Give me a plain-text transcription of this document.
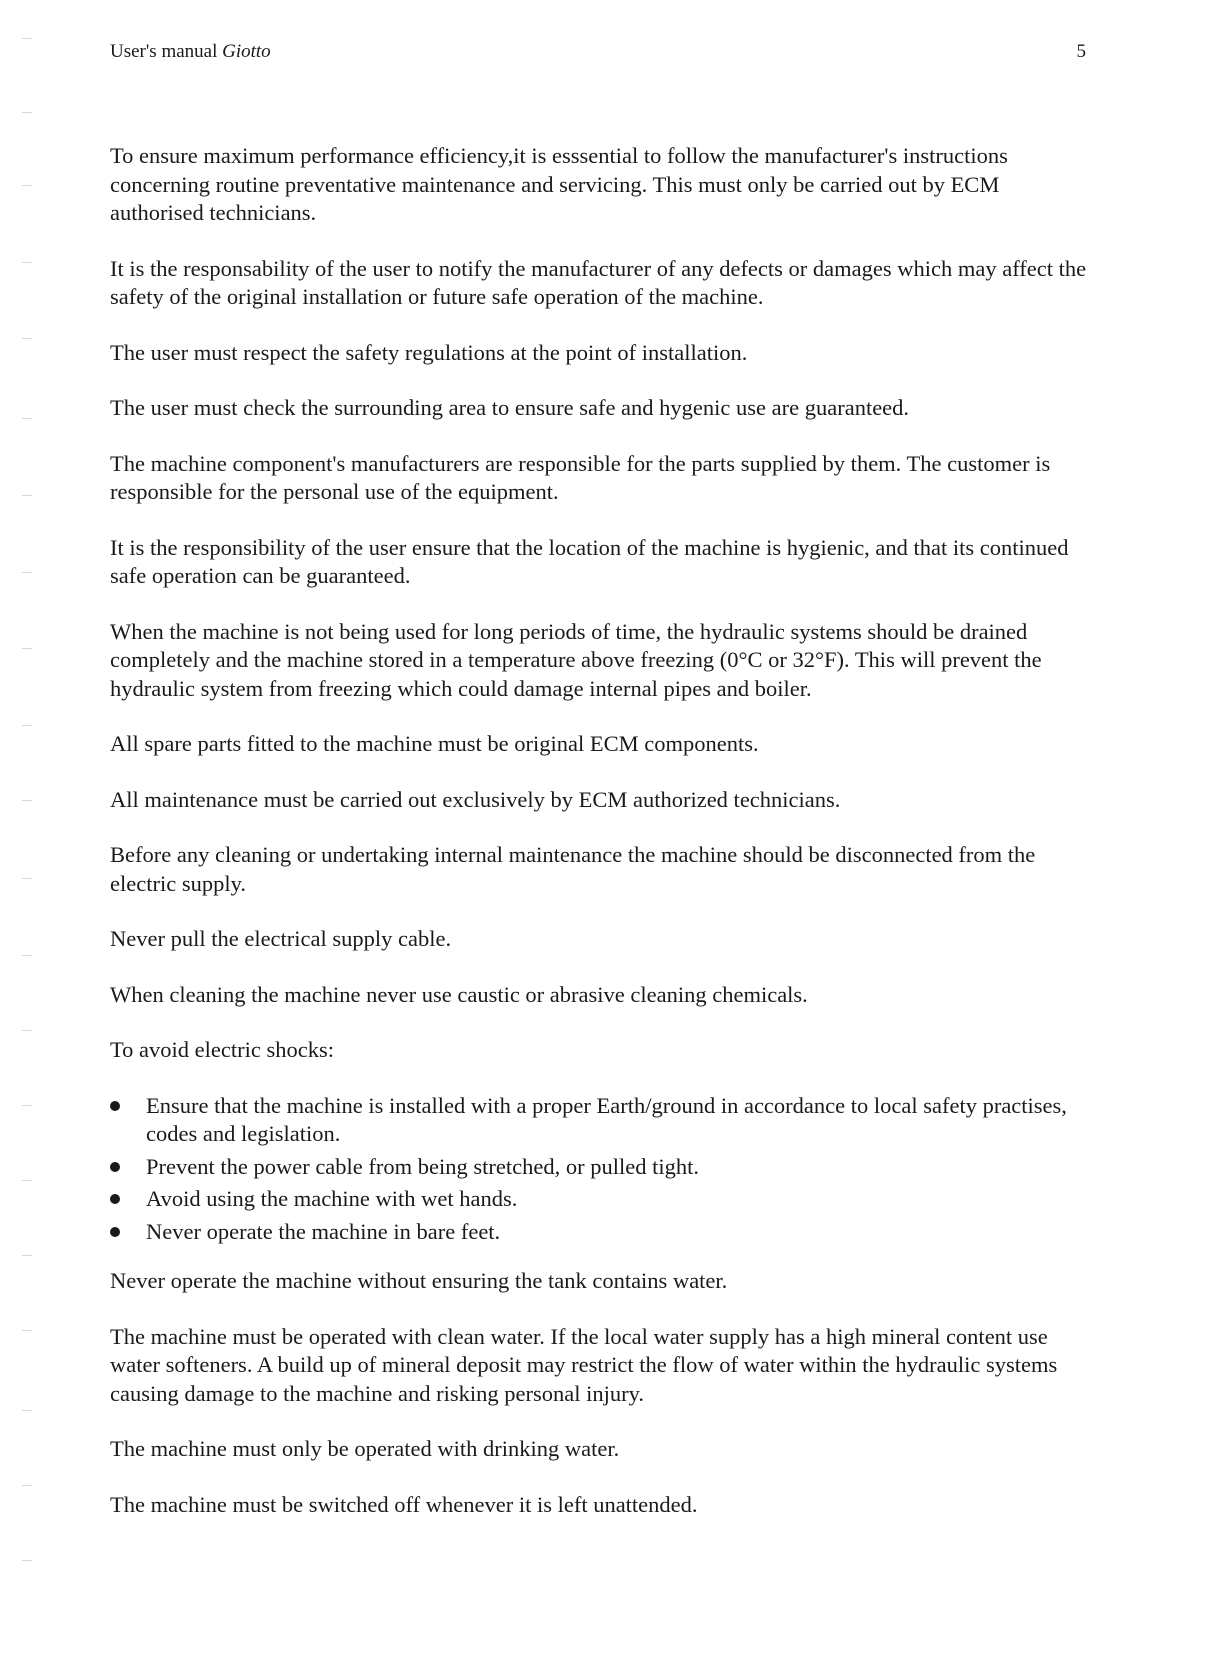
User's manual Giotto	5

To ensure maximum performance efficiency,it is esssential to follow the manufacturer's instructions concerning routine preventative maintenance and servicing. This must only be carried out by ECM authorised technicians.

It is the responsability of the user to notify the manufacturer of any defects or damages which may affect the safety of the original installation or future safe operation of the machine.

The user must respect the safety regulations at the point of installation.

The user must check the surrounding area to ensure safe and hygenic use are guaranteed.

The machine component's manufacturers are responsible for the parts supplied by them. The customer is responsible for the personal use of the equipment.

It is the responsibility of the user ensure that the location of the machine is hygienic, and that its continued safe operation can be guaranteed.

When the machine is not being used for long periods of time, the hydraulic systems should be drained completely and the machine stored in a temperature above freezing (0°C or 32°F). This will prevent the hydraulic system from freezing which could damage internal pipes and boiler.

All spare parts fitted to the machine must be original ECM components.

All maintenance must be carried out exclusively by ECM authorized technicians.

Before any cleaning or undertaking internal maintenance the machine should be disconnected from the electric supply.

Never pull the electrical supply cable.

When cleaning the machine never use caustic or abrasive cleaning chemicals.

To avoid electric shocks:

Ensure that the machine is installed with a proper Earth/ground in accordance to local safety practises, codes and legislation.
Prevent the power cable from being stretched, or pulled tight.
Avoid using the machine with wet hands.
Never operate the machine in bare feet.

Never operate the machine without ensuring the tank contains water.

The machine must be operated with clean water. If the local water supply has a high mineral content use water softeners. A build up of mineral deposit may restrict the flow of water within the hydraulic systems causing damage to the machine and risking personal injury.

The machine must only be operated with drinking water.

The machine must be switched off whenever it is left unattended.
